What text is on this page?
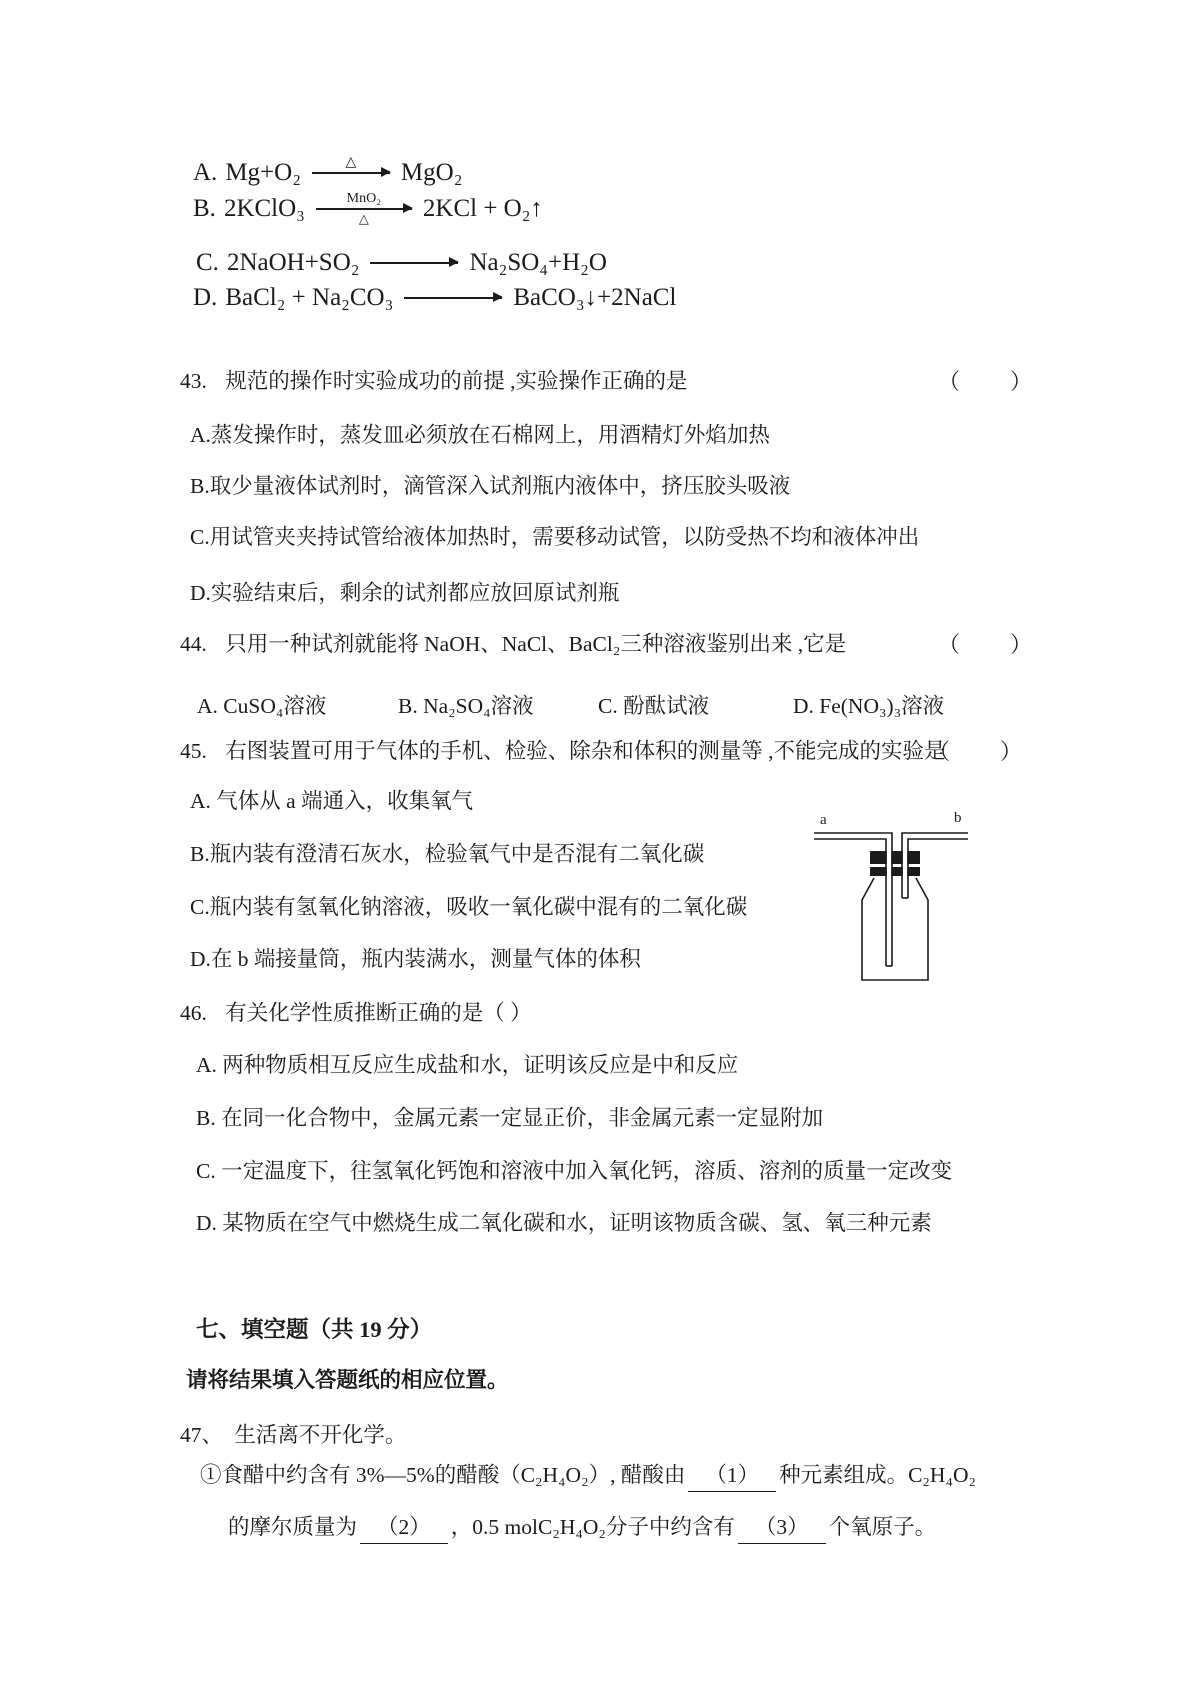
A. Mg+O₂	△ MgO₂
B. 2KClO₃	MnO₂
△ 2KCl + O₂↑
C. 2NaOH+SO₂ → Na₂SO₄+H₂O
D. BaCl₂ + Na₂CO₃ → BaCO₃↓+2NaCl
43. 规范的操作时实验成功的前提 ,实验操作正确的是	（　　）
A.蒸发操作时，蒸发皿必须放在石棉网上，用酒精灯外焰加热
B.取少量液体试剂时，滴管深入试剂瓶内液体中，挤压胶头吸液
C.用试管夹夹持试管给液体加热时，需要移动试管，以防受热不均和液体冲出
D.实验结束后，剩余的试剂都应放回原试剂瓶
44. 只用一种试剂就能将 NaOH、NaCl、BaCl₂三种溶液鉴别出来 ,它是	（　　）
A. CuSO₄溶液	B. Na₂SO₄溶液	C. 酚酞试液	D. Fe(NO₃)₃溶液
45. 右图装置可用于气体的手机、检验、除杂和体积的测量等 ,不能完成的实验是
（　　）
A. 气体从 a 端通入，收集氧气
B.瓶内装有澄清石灰水，检验氧气中是否混有二氧化碳
C.瓶内装有氢氧化钠溶液，吸收一氧化碳中混有的二氧化碳
D.在 b 端接量筒，瓶内装满水，测量气体的体积
a	b
46. 有关化学性质推断正确的是（ ）
A. 两种物质相互反应生成盐和水，证明该反应是中和反应
B. 在同一化合物中，金属元素一定显正价，非金属元素一定显附加
C. 一定温度下，往氢氧化钙饱和溶液中加入氧化钙，溶质、溶剂的质量一定改变
D. 某物质在空气中燃烧生成二氧化碳和水，证明该物质含碳、氢、氧三种元素
七、填空题（共 19 分）
请将结果填入答题纸的相应位置。
47、 生活离不开化学。
①食醋中约含有 3%—5%的醋酸（C₂H₄O₂）, 醋酸由 （1） 种元素组成。C₂H₄O₂
的摩尔质量为 （2） ，0.5 molC₂H₄O₂分子中约含有 （3） 个氧原子。
